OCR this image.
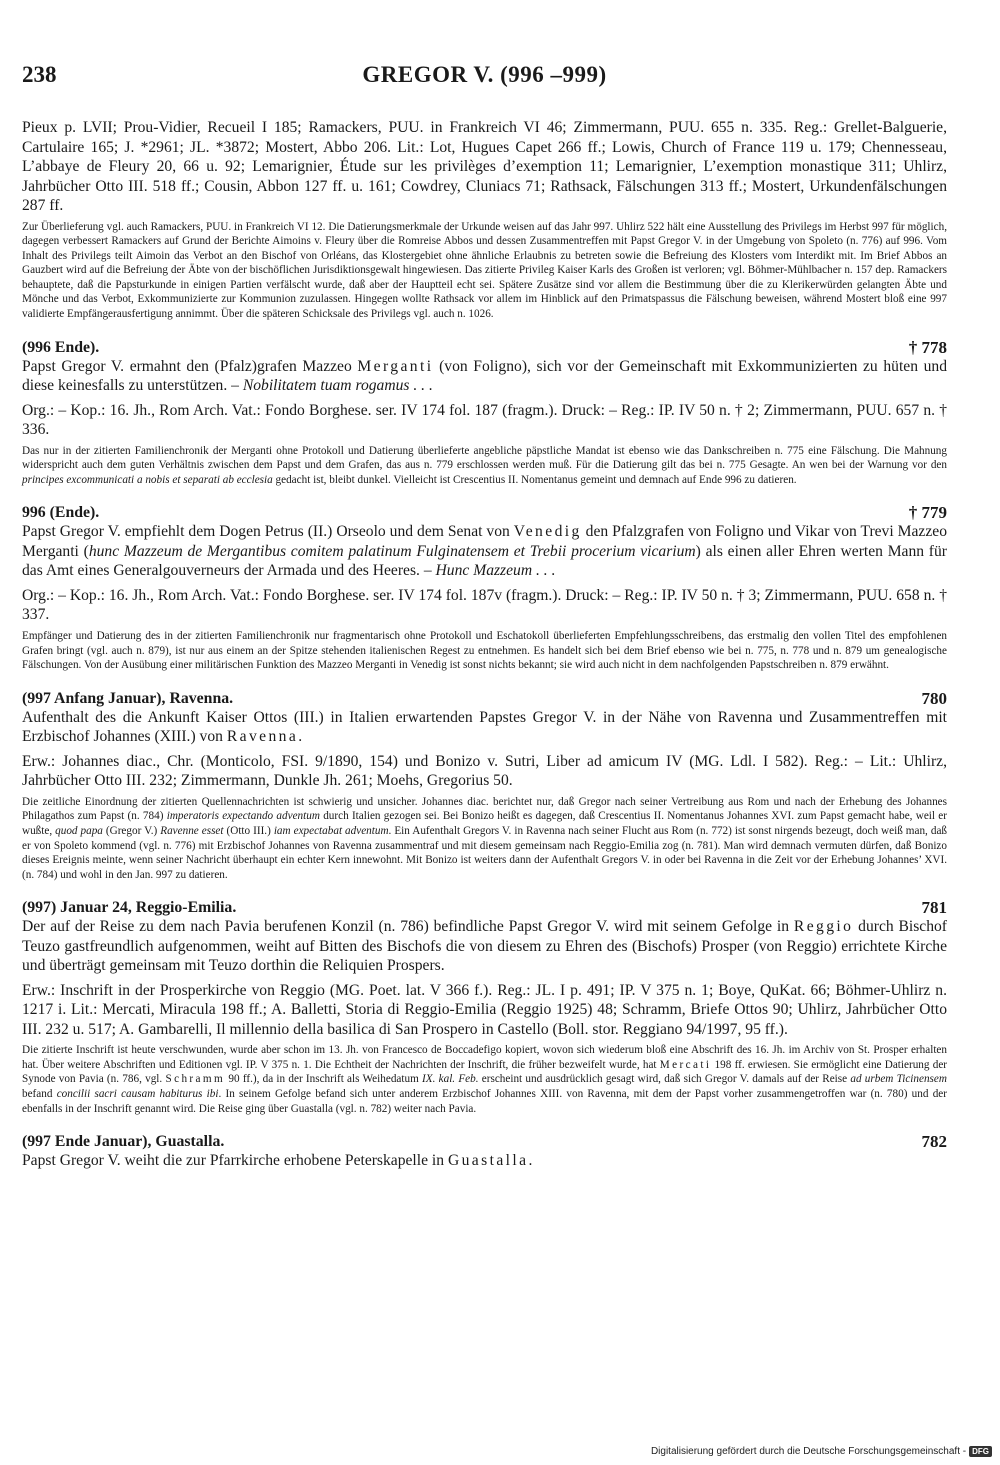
GREGOR V. (996 –999)
238

Pieux p. LVII; Prou-Vidier, Recueil I 185; Ramackers, PUU. in Frankreich VI 46; Zimmermann, PUU. 655 n. 335. Reg.: Grellet-Balguerie, Cartulaire 165; J. *2961; JL. *3872; Mostert, Abbo 206. Lit.: Lot, Hugues Capet 266 ff.; Lowis, Church of France 119 u. 179; Chennesseau, L’abbaye de Fleury 20, 66 u. 92; Lemarignier, Étude sur les privilèges d’exemption 11; Lemarignier, L’exemption monastique 311; Uhlirz, Jahrbücher Otto III. 518 ff.; Cousin, Abbon 127 ff. u. 161; Cowdrey, Cluniacs 71; Rathsack, Fälschungen 313 ff.; Mostert, Urkundenfälschungen 287 ff.

Zur Überlieferung vgl. auch Ramackers, PUU. in Frankreich VI 12. Die Datierungsmerkmale der Urkunde weisen auf das Jahr 997. Uhlirz 522 hält eine Ausstellung des Privilegs im Herbst 997 für möglich, dagegen verbessert Ramackers auf Grund der Berichte Aimoins v. Fleury über die Romreise Abbos und dessen Zusammentreffen mit Papst Gregor V. in der Umgebung von Spoleto (n. 776) auf 996. Vom Inhalt des Privilegs teilt Aimoin das Verbot an den Bischof von Orléans, das Klostergebiet ohne ähnliche Erlaubnis zu betreten sowie die Befreiung des Klosters vom Interdikt mit. Im Brief Abbos an Gauzbert wird auf die Befreiung der Äbte von der bischöflichen Jurisdiktionsgewalt hingewiesen. Das zitierte Privileg Kaiser Karls des Großen ist verloren; vgl. Böhmer-Mühlbacher n. 157 dep. Ramackers behauptete, daß die Papsturkunde in einigen Partien verfälscht wurde, daß aber der Hauptteil echt sei. Spätere Zusätze sind vor allem die Bestimmung über die zu Klerikerwürden gelangten Äbte und Mönche und das Verbot, Exkommunizierte zur Kommunion zuzulassen. Hingegen wollte Rathsack vor allem im Hinblick auf den Primatspassus die Fälschung beweisen, während Mostert bloß eine 997 validierte Empfängerausfertigung annimmt. Über die späteren Schicksale des Privilegs vgl. auch n. 1026.

(996 Ende).	† 778

Papst Gregor V. ermahnt den (Pfalz)grafen Mazzeo Merganti (von Foligno), sich vor der Gemeinschaft mit Exkommunizierten zu hüten und diese keinesfalls zu unterstützen. – Nobilitatem tuam rogamus . . .

Org.: – Kop.: 16. Jh., Rom Arch. Vat.: Fondo Borghese. ser. IV 174 fol. 187 (fragm.). Druck: – Reg.: IP. IV 50 n. † 2; Zimmermann, PUU. 657 n. † 336.

Das nur in der zitierten Familienchronik der Merganti ohne Protokoll und Datierung überlieferte angebliche päpstliche Mandat ist ebenso wie das Dankschreiben n. 775 eine Fälschung. Die Mahnung widerspricht auch dem guten Verhältnis zwischen dem Papst und dem Grafen, das aus n. 779 erschlossen werden muß. Für die Datierung gilt das bei n. 775 Gesagte. An wen bei der Warnung vor den principes excommunicati a nobis et separati ab ecclesia gedacht ist, bleibt dunkel. Vielleicht ist Crescentius II. Nomentanus gemeint und demnach auf Ende 996 zu datieren.

996 (Ende).	† 779

Papst Gregor V. empfiehlt dem Dogen Petrus (II.) Orseolo und dem Senat von Venedig den Pfalzgrafen von Foligno und Vikar von Trevi Mazzeo Merganti (hunc Mazzeum de Mergantibus comitem palatinum Fulginatensem et Trebii procerium vicarium) als einen aller Ehren werten Mann für das Amt eines Generalgouverneurs der Armada und des Heeres. – Hunc Mazzeum . . .

Org.: – Kop.: 16. Jh., Rom Arch. Vat.: Fondo Borghese. ser. IV 174 fol. 187v (fragm.). Druck: – Reg.: IP. IV 50 n. † 3; Zimmermann, PUU. 658 n. † 337.

Empfänger und Datierung des in der zitierten Familienchronik nur fragmentarisch ohne Protokoll und Eschatokoll überlieferten Empfehlungsschreibens, das erstmalig den vollen Titel des empfohlenen Grafen bringt (vgl. auch n. 879), ist nur aus einem an der Spitze stehenden italienischen Regest zu entnehmen. Es handelt sich bei dem Brief ebenso wie bei n. 775, n. 778 und n. 879 um genealogische Fälschungen. Von der Ausübung einer militärischen Funktion des Mazzeo Merganti in Venedig ist sonst nichts bekannt; sie wird auch nicht in dem nachfolgenden Papstschreiben n. 879 erwähnt.

(997 Anfang Januar), Ravenna.	780

Aufenthalt des die Ankunft Kaiser Ottos (III.) in Italien erwartenden Papstes Gregor V. in der Nähe von Ravenna und Zusammentreffen mit Erzbischof Johannes (XIII.) von Ravenna.

Erw.: Johannes diac., Chr. (Monticolo, FSI. 9/1890, 154) und Bonizo v. Sutri, Liber ad amicum IV (MG. Ldl. I 582). Reg.: – Lit.: Uhlirz, Jahrbücher Otto III. 232; Zimmermann, Dunkle Jh. 261; Moehs, Gregorius 50.

Die zeitliche Einordnung der zitierten Quellennachrichten ist schwierig und unsicher. Johannes diac. berichtet nur, daß Gregor nach seiner Vertreibung aus Rom und nach der Erhebung des Johannes Philagathos zum Papst (n. 784) imperatoris expectando adventum durch Italien gezogen sei. Bei Bonizo heißt es dagegen, daß Crescentius II. Nomentanus Johannes XVI. zum Papst gemacht habe, weil er wußte, quod papa (Gregor V.) Ravenne esset (Otto III.) iam expectabat adventum. Ein Aufenthalt Gregors V. in Ravenna nach seiner Flucht aus Rom (n. 772) ist sonst nirgends bezeugt, doch weiß man, daß er von Spoleto kommend (vgl. n. 776) mit Erzbischof Johannes von Ravenna zusammentraf und mit diesem gemeinsam nach Reggio-Emilia zog (n. 781). Man wird demnach vermuten dürfen, daß Bonizo dieses Ereignis meinte, wenn seiner Nachricht überhaupt ein echter Kern innewohnt. Mit Bonizo ist weiters dann der Aufenthalt Gregors V. in oder bei Ravenna in die Zeit vor der Erhebung Johannes’ XVI. (n. 784) und wohl in den Jan. 997 zu datieren.

(997) Januar 24, Reggio-Emilia.	781

Der auf der Reise zu dem nach Pavia berufenen Konzil (n. 786) befindliche Papst Gregor V. wird mit seinem Gefolge in Reggio durch Bischof Teuzo gastfreundlich aufgenommen, weiht auf Bitten des Bischofs die von diesem zu Ehren des (Bischofs) Prosper (von Reggio) errichtete Kirche und überträgt gemeinsam mit Teuzo dorthin die Reliquien Prospers.

Erw.: Inschrift in der Prosperkirche von Reggio (MG. Poet. lat. V 366 f.). Reg.: JL. I p. 491; IP. V 375 n. 1; Boye, QuKat. 66; Böhmer-Uhlirz n. 1217 i. Lit.: Mercati, Miracula 198 ff.; A. Balletti, Storia di Reggio-Emilia (Reggio 1925) 48; Schramm, Briefe Ottos 90; Uhlirz, Jahrbücher Otto III. 232 u. 517; A. Gambarelli, Il millennio della basilica di San Prospero in Castello (Boll. stor. Reggiano 94/1997, 95 ff.).

Die zitierte Inschrift ist heute verschwunden, wurde aber schon im 13. Jh. von Francesco de Boccadefigo kopiert, wovon sich wiederum bloß eine Abschrift des 16. Jh. im Archiv von St. Prosper erhalten hat. Über weitere Abschriften und Editionen vgl. IP. V 375 n. 1. Die Echtheit der Nachrichten der Inschrift, die früher bezweifelt wurde, hat Mercati 198 ff. erwiesen. Sie ermöglicht eine Datierung der Synode von Pavia (n. 786, vgl. Schramm 90 ff.), da in der Inschrift als Weihedatum IX. kal. Feb. erscheint und ausdrücklich gesagt wird, daß sich Gregor V. damals auf der Reise ad urbem Ticinensem befand concilii sacri causam habiturus ibi. In seinem Gefolge befand sich unter anderem Erzbischof Johannes XIII. von Ravenna, mit dem der Papst vorher zusammengetroffen war (n. 780) und der ebenfalls in der Inschrift genannt wird. Die Reise ging über Guastalla (vgl. n. 782) weiter nach Pavia.

(997 Ende Januar), Guastalla.	782

Papst Gregor V. weiht die zur Pfarrkirche erhobene Peterskapelle in Guastalla.

Digitalisierung gefördert durch die Deutsche Forschungsgemeinschaft - DFG
